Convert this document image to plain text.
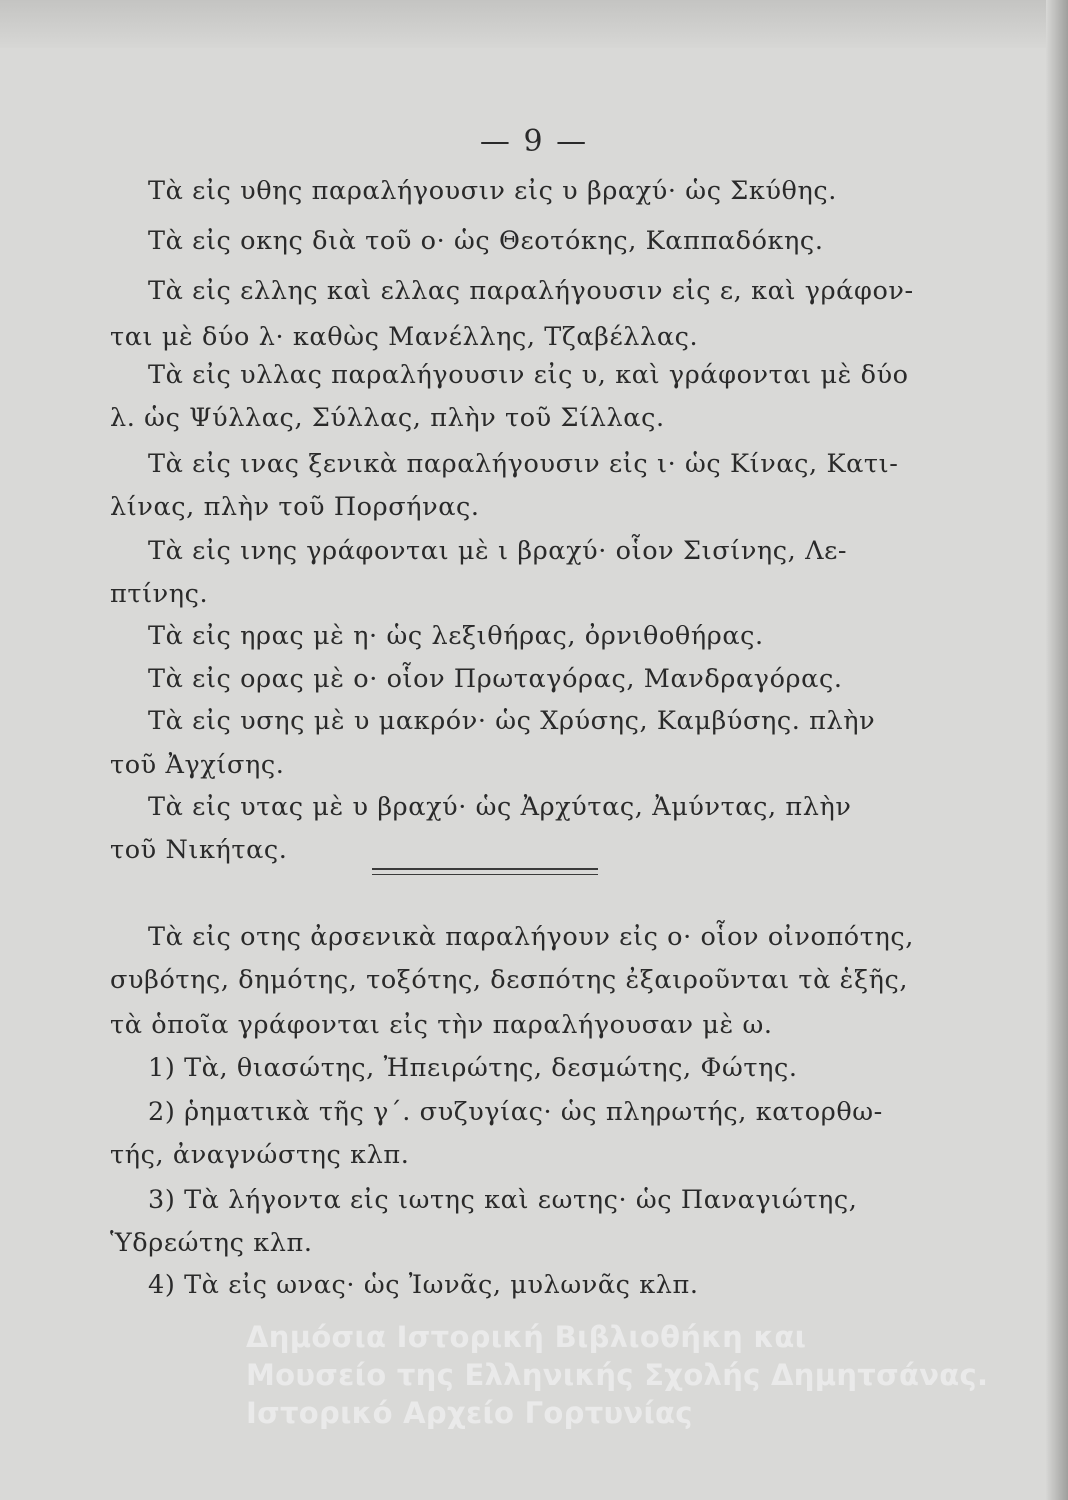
— 9 —
Τὰ εἰς υθης παραλήγουσιν εἰς υ βραχύ· ὡς Σκύθης.
Τὰ εἰς οκης διὰ τοῦ ο· ὡς Θεοτόκης, Καππαδόκης.
Τὰ εἰς ελλης καὶ ελλας παραλήγουσιν εἰς ε, καὶ γράφον-
ται μὲ δύο λ· καθὼς Μανέλλης, Τζαβέλλας.
Τὰ εἰς υλλας παραλήγουσιν εἰς υ, καὶ γράφονται μὲ δύο
λ. ὡς Ψύλλας, Σύλλας, πλὴν τοῦ Σίλλας.
Τὰ εἰς ινας ξενικὰ παραλήγουσιν εἰς ι· ὡς Κίνας, Κατι-
λίνας, πλὴν τοῦ Πορσήνας.
Τὰ εἰς ινης γράφονται μὲ ι βραχύ· οἷον Σισίνης, Λε-
πτίνης.
Τὰ εἰς ηρας μὲ η· ὡς λεξιθήρας, ὀρνιθοθήρας.
Τὰ εἰς ορας μὲ ο· οἷον Πρωταγόρας, Μανδραγόρας.
Τὰ εἰς υσης μὲ υ μακρόν· ὡς Χρύσης, Καμβύσης. πλὴν
τοῦ Ἀγχίσης.
Τὰ εἰς υτας μὲ υ βραχύ· ὡς Ἀρχύτας, Ἀμύντας, πλὴν
τοῦ Νικήτας.
Τὰ εἰς οτης ἀρσενικὰ παραλήγουν εἰς ο· οἷον οἰνοπότης,
συβότης, δημότης, τοξότης, δεσπότης ἐξαιροῦνται τὰ ἑξῆς,
τὰ ὁποῖα γράφονται εἰς τὴν παραλήγουσαν μὲ ω.
1) Τὰ, θιασώτης, Ἠπειρώτης, δεσμώτης, Φώτης.
2) ῥηματικὰ τῆς γ΄. συζυγίας· ὡς πληρωτής, κατορθω-
τής, ἀναγνώστης κλπ.
3) Τὰ λήγοντα εἰς ιωτης καὶ εωτης· ὡς Παναγιώτης,
Ὑδρεώτης κλπ.
4) Τὰ εἰς ωνας· ὡς Ἰωνᾶς, μυλωνᾶς κλπ.
Δημόσια Ιστορική Βιβλιοθήκη και
Μουσείο της Ελληνικής Σχολής Δημητσάνας.
Ιστορικό Αρχείο Γορτυνίας
